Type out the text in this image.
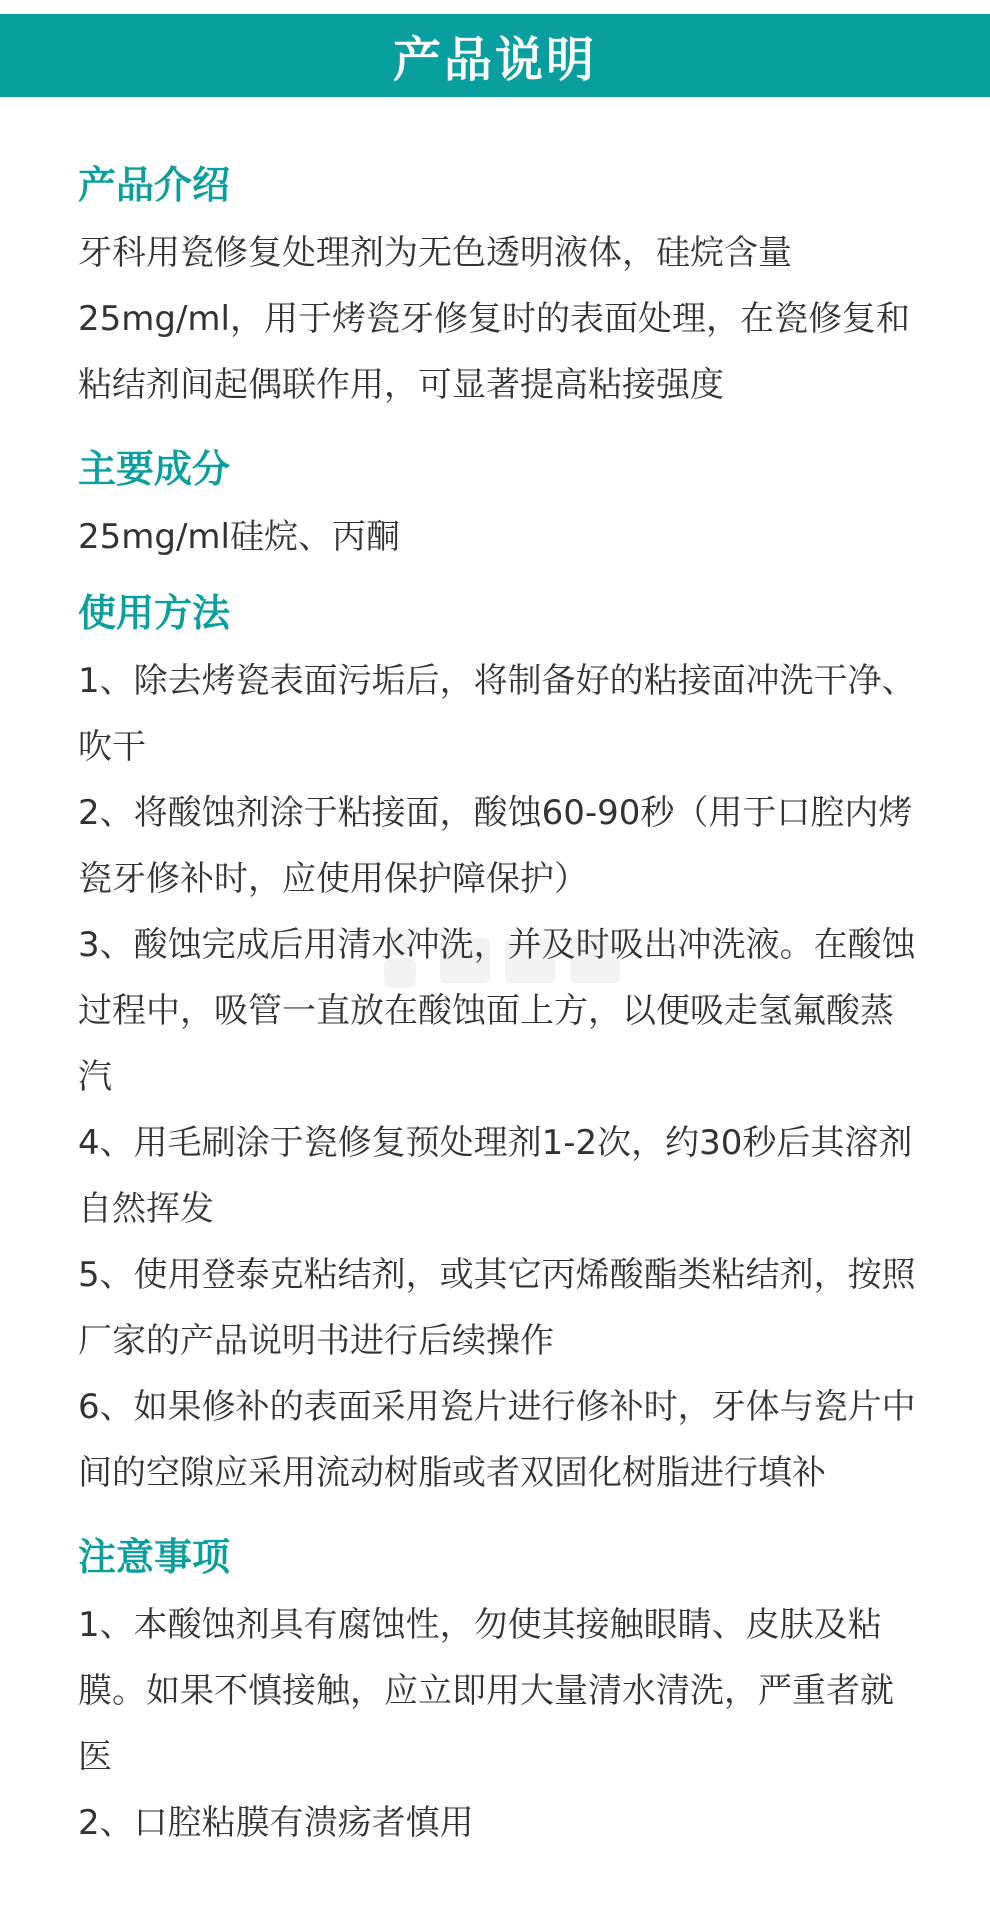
产品说明
产品介绍

牙科用瓷修复处理剂为无色透明液体，硅烷含量25mg/ml，用于烤瓷牙修复时的表面处理，在瓷修复和粘结剂间起偶联作用，可显著提高粘接强度

主要成分

25mg/ml硅烷、丙酮

使用方法

1、除去烤瓷表面污垢后，将制备好的粘接面冲洗干净、吹干

2、将酸蚀剂涂于粘接面，酸蚀60-90秒（用于口腔内烤瓷牙修补时，应使用保护障保护）

3、酸蚀完成后用清水冲洗，并及时吸出冲洗液。在酸蚀过程中，吸管一直放在酸蚀面上方，以便吸走氢氟酸蒸汽

4、用毛刷涂于瓷修复预处理剂1-2次，约30秒后其溶剂自然挥发

5、使用登泰克粘结剂，或其它丙烯酸酯类粘结剂，按照厂家的产品说明书进行后续操作

6、如果修补的表面采用瓷片进行修补时，牙体与瓷片中间的空隙应采用流动树脂或者双固化树脂进行填补

注意事项

1、本酸蚀剂具有腐蚀性，勿使其接触眼睛、皮肤及粘膜。如果不慎接触，应立即用大量清水清洗，严重者就医

2、口腔粘膜有溃疡者慎用
